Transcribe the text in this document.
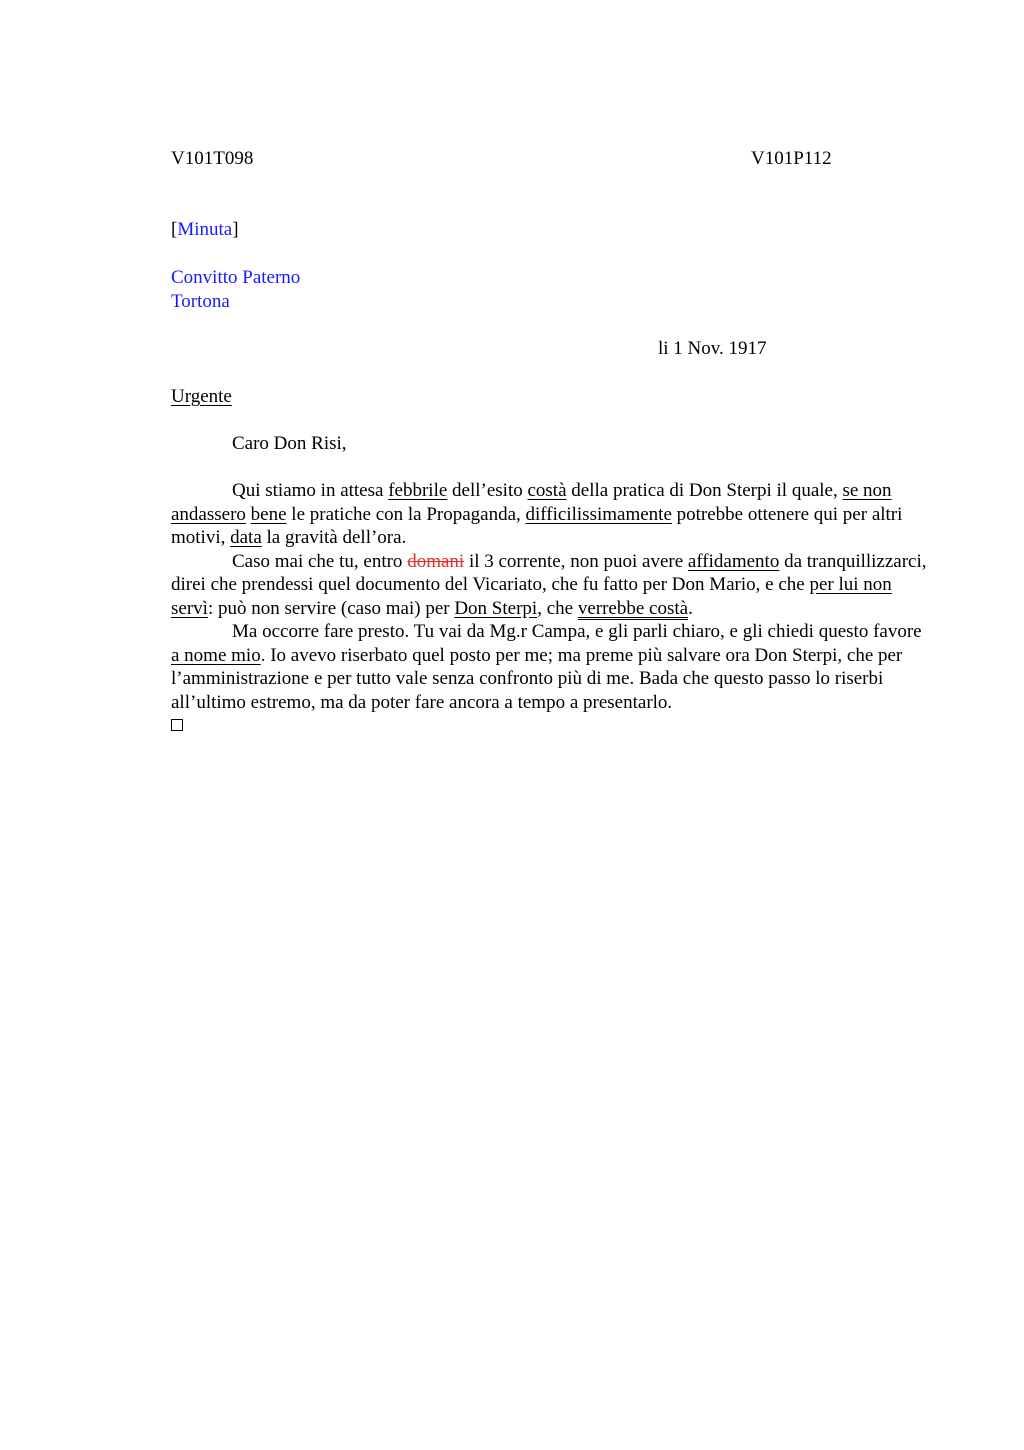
V101T098	V101P112
[Minuta]
Convitto Paterno
Tortona
li 1 Nov. 1917
Urgente
Caro Don Risi,

Qui stiamo in attesa febbrile dell’esito costà della pratica di Don Sterpi il quale, se non andassero bene le pratiche con la Propaganda, difficilissimamente potrebbe ottenere qui per altri motivi, data la gravità dell’ora.

Caso mai che tu, entro domani il 3 corrente, non puoi avere affidamento da tranquillizzarci, direi che prendessi quel documento del Vicariato, che fu fatto per Don Mario, e che per lui non servì: può non servire (caso mai) per Don Sterpi, che verrebbe costà.

Ma occorre fare presto. Tu vai da Mg.r Campa, e gli parli chiaro, e gli chiedi questo favore a nome mio. Io avevo riserbato quel posto per me; ma preme più salvare ora Don Sterpi, che per l’amministrazione e per tutto vale senza confronto più di me. Bada che questo passo lo riserbi all’ultimo estremo, ma da poter fare ancora a tempo a presentarlo.
